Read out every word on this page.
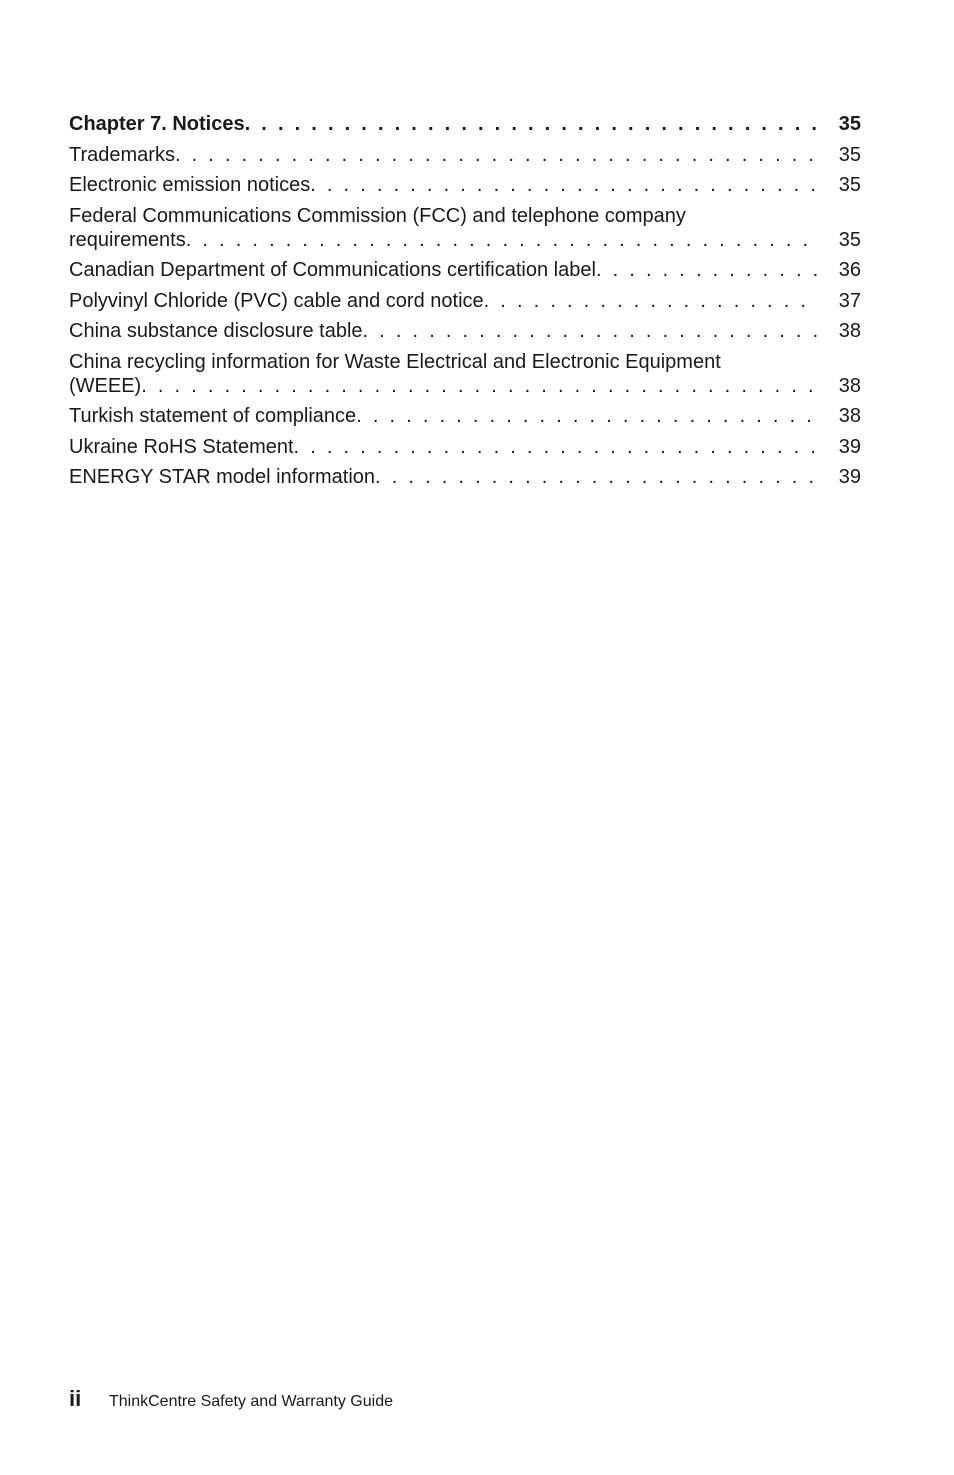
Chapter 7. Notices . .	35
Trademarks . .	35
Electronic emission notices . .	35
Federal Communications Commission (FCC) and telephone company
requirements . .	35
Canadian Department of Communications certification label . .	36
Polyvinyl Chloride (PVC) cable and cord notice . .	37
China substance disclosure table . .	38
China recycling information for Waste Electrical and Electronic Equipment
(WEEE) . .	38
Turkish statement of compliance . .	38
Ukraine RoHS Statement . .	39
ENERGY STAR model information . .	39
ii	ThinkCentre Safety and Warranty Guide
